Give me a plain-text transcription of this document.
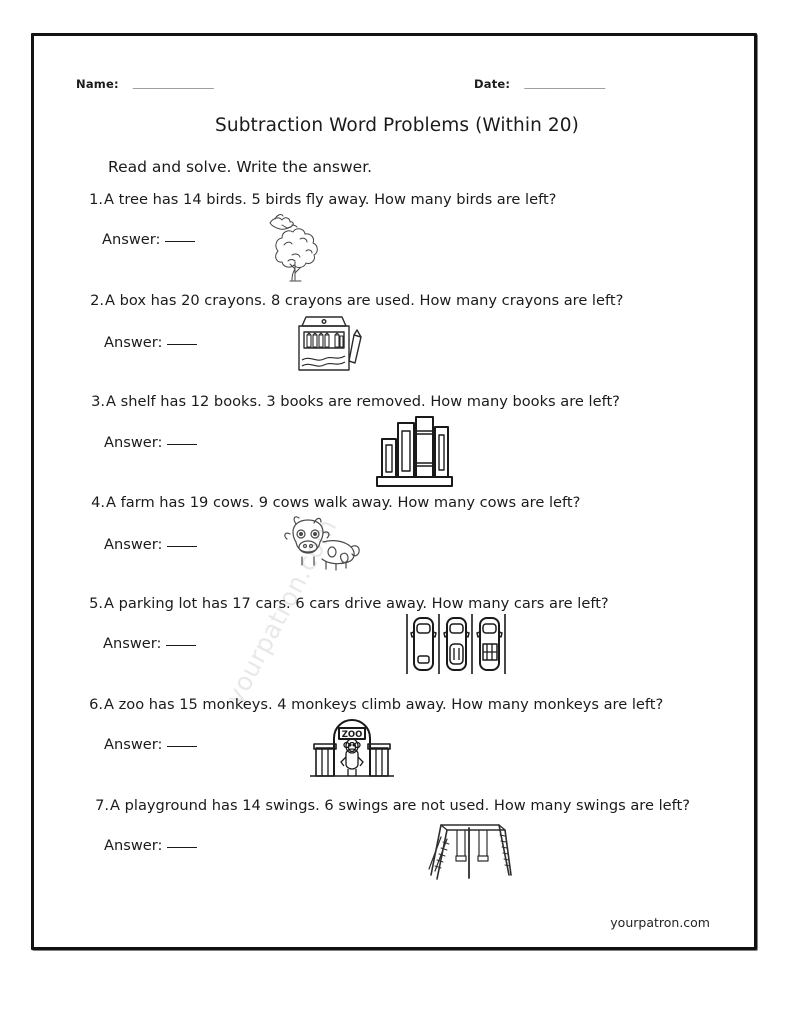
yourpatron.com
Name: ____________	Date: ____________
Subtraction Word Problems (Within 20)
Read and solve. Write the answer.
1. A tree has 14 birds. 5 birds fly away. How many birds are left?
Answer:
2. A box has 20 crayons. 8 crayons are used. How many crayons are left?
Answer:
3. A shelf has 12 books. 3 books are removed. How many books are left?
Answer:
4. A farm has 19 cows. 9 cows walk away. How many cows are left?
Answer:
5. A parking lot has 17 cars. 6 cars drive away. How many cars are left?
Answer:
6. A zoo has 15 monkeys. 4 monkeys climb away. How many monkeys are left?
Answer:
ZOO
7. A playground has 14 swings. 6 swings are not used. How many swings are left?
Answer:
yourpatron.com
